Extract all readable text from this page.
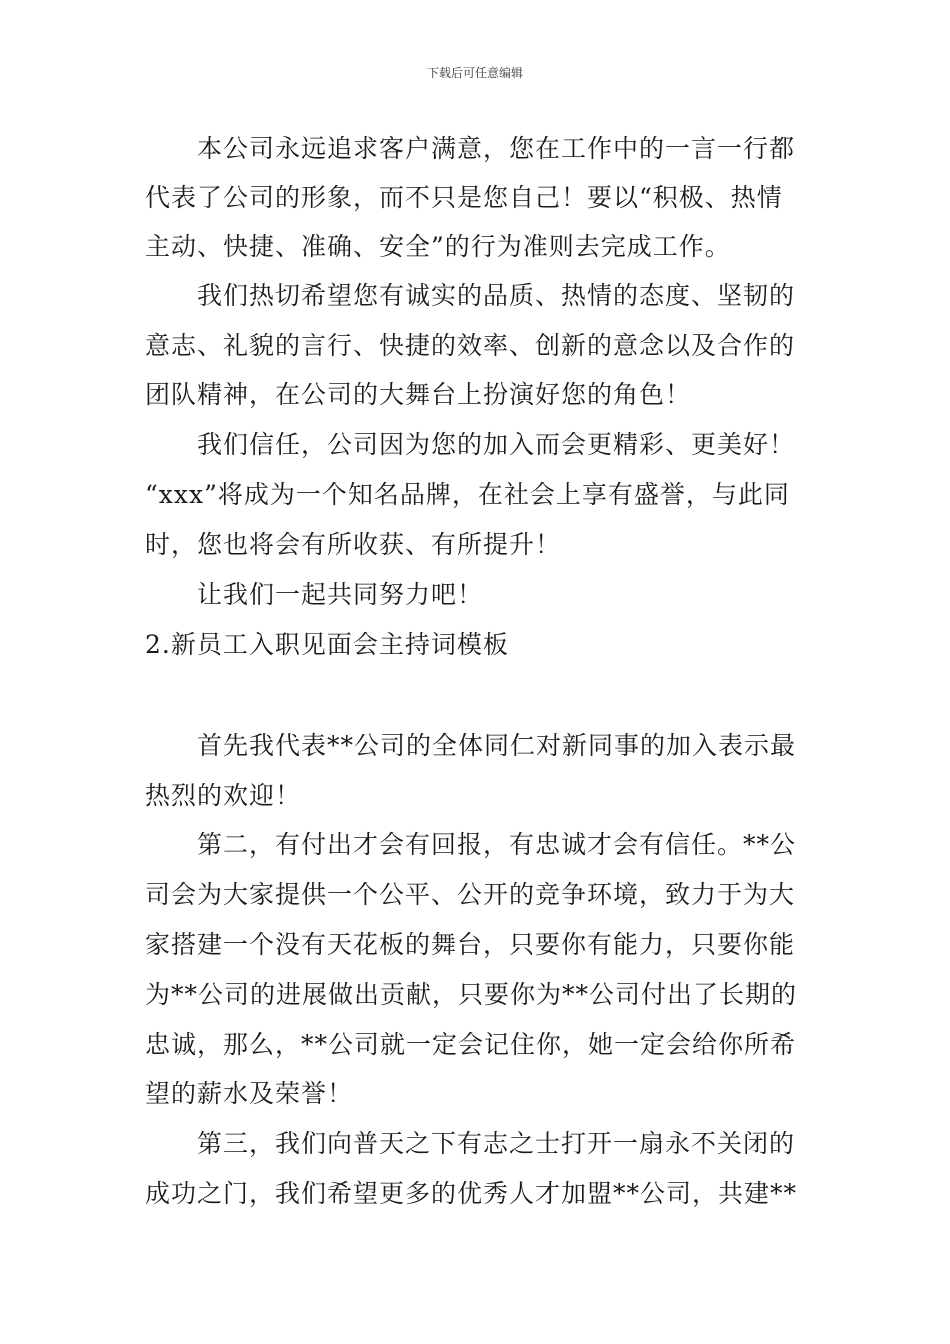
下载后可任意编辑

本公司永远追求客户满意，您在工作中的一言一行都

代表了公司的形象，而不只是您自己！要以“积极、热情

主动、快捷、准确、安全”的行为准则去完成工作。

我们热切希望您有诚实的品质、热情的态度、坚韧的

意志、礼貌的言行、快捷的效率、创新的意念以及合作的

团队精神，在公司的大舞台上扮演好您的角色！

我们信任，公司因为您的加入而会更精彩、更美好！

“xxx”将成为一个知名品牌，在社会上享有盛誉，与此同

时，您也将会有所收获、有所提升！

让我们一起共同努力吧！

2.新员工入职见面会主持词模板

首先我代表**公司的全体同仁对新同事的加入表示最

热烈的欢迎！

第二，有付出才会有回报，有忠诚才会有信任。**公

司会为大家提供一个公平、公开的竞争环境，致力于为大

家搭建一个没有天花板的舞台，只要你有能力，只要你能

为**公司的进展做出贡献，只要你为**公司付出了长期的

忠诚，那么，**公司就一定会记住你，她一定会给你所希

望的薪水及荣誉！

第三，我们向普天之下有志之士打开一扇永不关闭的

成功之门，我们希望更多的优秀人才加盟**公司，共建**
